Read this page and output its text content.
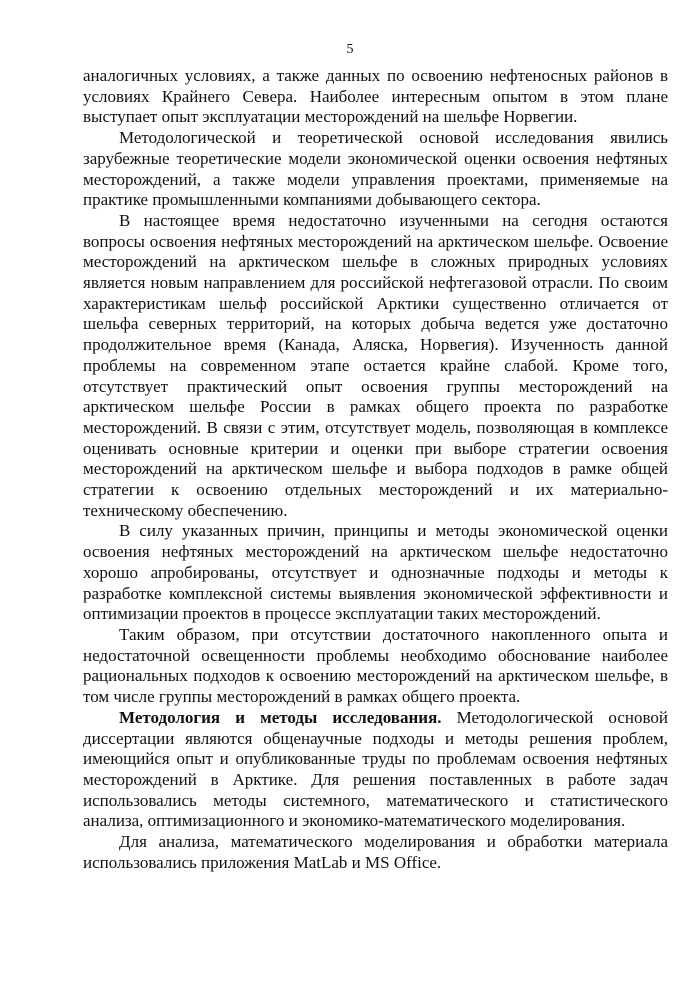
5

аналогичных условиях, а также данных по освоению нефтеносных районов в условиях Крайнего Севера. Наиболее интересным опытом в этом плане выступает опыт эксплуатации месторождений на шельфе Норвегии.

Методологической и теоретической основой исследования явились зарубежные теоретические модели экономической оценки освоения нефтяных месторождений, а также модели управления проектами, применяемые на практике промышленными компаниями добывающего сектора.

В настоящее время недостаточно изученными на сегодня остаются вопросы освоения нефтяных месторождений на арктическом шельфе. Освоение месторождений на арктическом шельфе в сложных природных условиях является новым направлением для российской нефтегазовой отрасли. По своим характеристикам шельф российской Арктики существенно отличается от шельфа северных территорий, на которых добыча ведется уже достаточно продолжительное время (Канада, Аляска, Норвегия). Изученность данной проблемы на современном этапе остается крайне слабой. Кроме того, отсутствует практический опыт освоения группы месторождений на арктическом шельфе России в рамках общего проекта по разработке месторождений. В связи с этим, отсутствует модель, позволяющая в комплексе оценивать основные критерии и оценки при выборе стратегии освоения месторождений на арктическом шельфе и выбора подходов в рамке общей стратегии к освоению отдельных месторождений и их материально-техническому обеспечению.

В силу указанных причин, принципы и методы экономической оценки освоения нефтяных месторождений на арктическом шельфе недостаточно хорошо апробированы, отсутствует и однозначные подходы и методы к разработке комплексной системы выявления экономической эффективности и оптимизации проектов в процессе эксплуатации таких месторождений.

Таким образом, при отсутствии достаточного накопленного опыта и недостаточной освещенности проблемы необходимо обоснование наиболее рациональных подходов к освоению месторождений на арктическом шельфе, в том числе группы месторождений в рамках общего проекта.

Методология и методы исследования. Методологической основой диссертации являются общенаучные подходы и методы решения проблем, имеющийся опыт и опубликованные труды по проблемам освоения нефтяных месторождений в Арктике. Для решения поставленных в работе задач использовались методы системного, математического и статистического анализа, оптимизационного и экономико-математического моделирования.

Для анализа, математического моделирования и обработки материала использовались приложения MatLab и MS Office.
